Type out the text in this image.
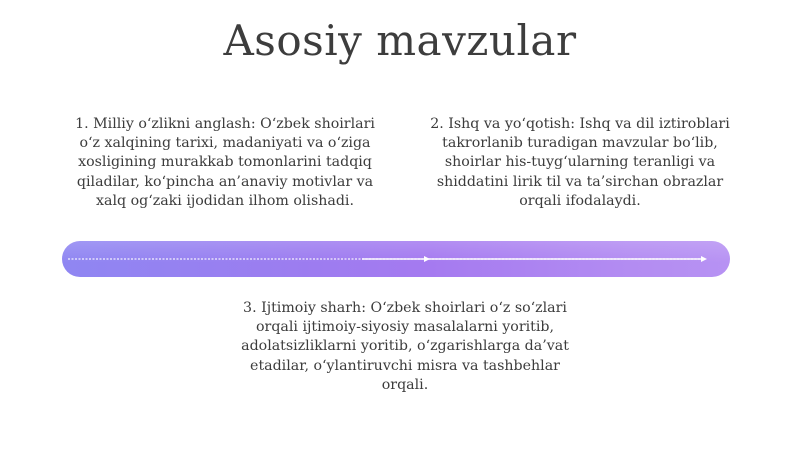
Asosiy mavzular
1. Milliy oʻzlikni anglash: Oʻzbek shoirlari oʻz xalqining tarixi, madaniyati va oʻziga xosligining murakkab tomonlarini tadqiq qiladilar, koʻpincha an’anaviy motivlar va xalq ogʻzaki ijodidan ilhom olishadi.
2. Ishq va yoʻqotish: Ishq va dil iztiroblari takrorlanib turadigan mavzular boʻlib, shoirlar his-tuygʻularning teranligi va shiddatini lirik til va ta’sirchan obrazlar orqali ifodalaydi.
3. Ijtimoiy sharh: Oʻzbek shoirlari oʻz soʻzlari orqali ijtimoiy-siyosiy masalalarni yoritib, adolatsizliklarni yoritib, oʻzgarishlarga da’vat etadilar, oʻylantiruvchi misra va tashbehlar orqali.
